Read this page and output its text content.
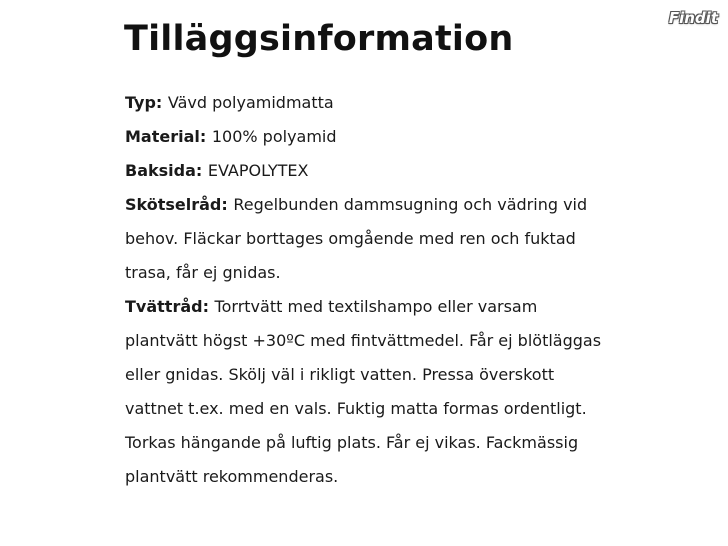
Tilläggsinformation
Findit
Typ: Vävd polyamidmatta
Material: 100% polyamid
Baksida: EVAPOLYTEX
Skötselråd: Regelbunden dammsugning och vädring vid behov. Fläckar borttages omgående med ren och fuktad trasa, får ej gnidas.
Tvättråd: Torrtvätt med textilshampo eller varsam plantvätt högst +30ºC med fintvättmedel. Får ej blötläggas eller gnidas. Skölj väl i rikligt vatten. Pressa överskott vattnet t.ex. med en vals. Fuktig matta formas ordentligt. Torkas hängande på luftig plats. Får ej vikas. Fackmässig plantvätt rekommenderas.
